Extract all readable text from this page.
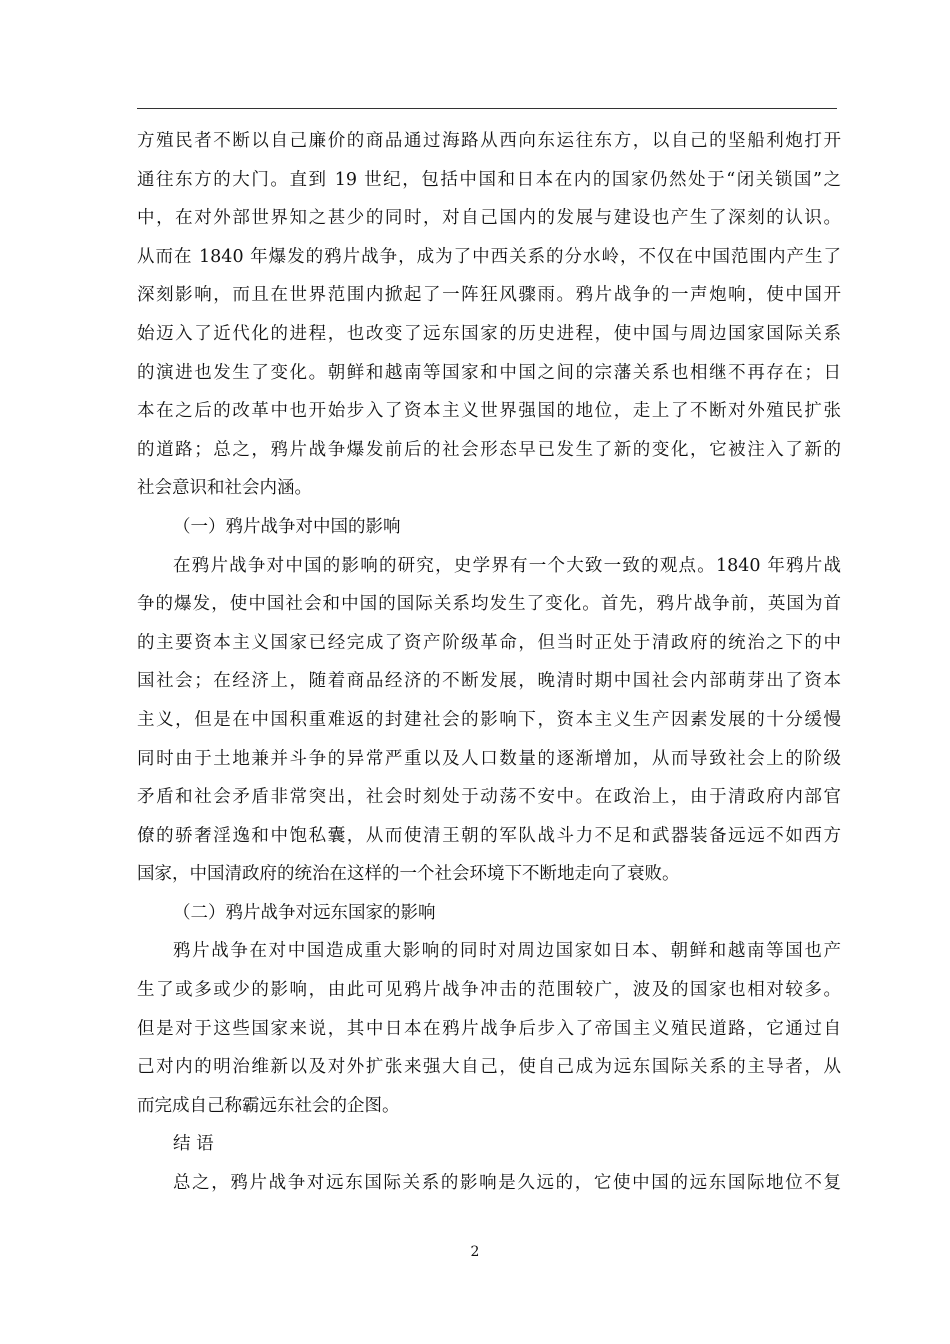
方殖民者不断以自己廉价的商品通过海路从西向东运往东方，以自己的坚船利炮打开
通往东方的大门。直到 19 世纪，包括中国和日本在内的国家仍然处于“闭关锁国”之
中，在对外部世界知之甚少的同时，对自己国内的发展与建设也产生了深刻的认识。
从而在 1840 年爆发的鸦片战争，成为了中西关系的分水岭，不仅在中国范围内产生了
深刻影响，而且在世界范围内掀起了一阵狂风骤雨。鸦片战争的一声炮响，使中国开
始迈入了近代化的进程，也改变了远东国家的历史进程，使中国与周边国家国际关系
的演进也发生了变化。朝鲜和越南等国家和中国之间的宗藩关系也相继不再存在；日
本在之后的改革中也开始步入了资本主义世界强国的地位，走上了不断对外殖民扩张
的道路；总之，鸦片战争爆发前后的社会形态早已发生了新的变化，它被注入了新的
社会意识和社会内涵。
（一）鸦片战争对中国的影响
在鸦片战争对中国的影响的研究，史学界有一个大致一致的观点。1840 年鸦片战
争的爆发，使中国社会和中国的国际关系均发生了变化。首先，鸦片战争前，英国为首
的主要资本主义国家已经完成了资产阶级革命，但当时正处于清政府的统治之下的中
国社会；在经济上，随着商品经济的不断发展，晚清时期中国社会内部萌芽出了资本
主义，但是在中国积重难返的封建社会的影响下，资本主义生产因素发展的十分缓慢
同时由于土地兼并斗争的异常严重以及人口数量的逐渐增加，从而导致社会上的阶级
矛盾和社会矛盾非常突出，社会时刻处于动荡不安中。在政治上，由于清政府内部官
僚的骄奢淫逸和中饱私囊，从而使清王朝的军队战斗力不足和武器装备远远不如西方
国家，中国清政府的统治在这样的一个社会环境下不断地走向了衰败。
（二）鸦片战争对远东国家的影响
鸦片战争在对中国造成重大影响的同时对周边国家如日本、朝鲜和越南等国也产
生了或多或少的影响，由此可见鸦片战争冲击的范围较广，波及的国家也相对较多。
但是对于这些国家来说，其中日本在鸦片战争后步入了帝国主义殖民道路，它通过自
己对内的明治维新以及对外扩张来强大自己，使自己成为远东国际关系的主导者，从
而完成自己称霸远东社会的企图。
结 语
总之，鸦片战争对远东国际关系的影响是久远的，它使中国的远东国际地位不复
2
